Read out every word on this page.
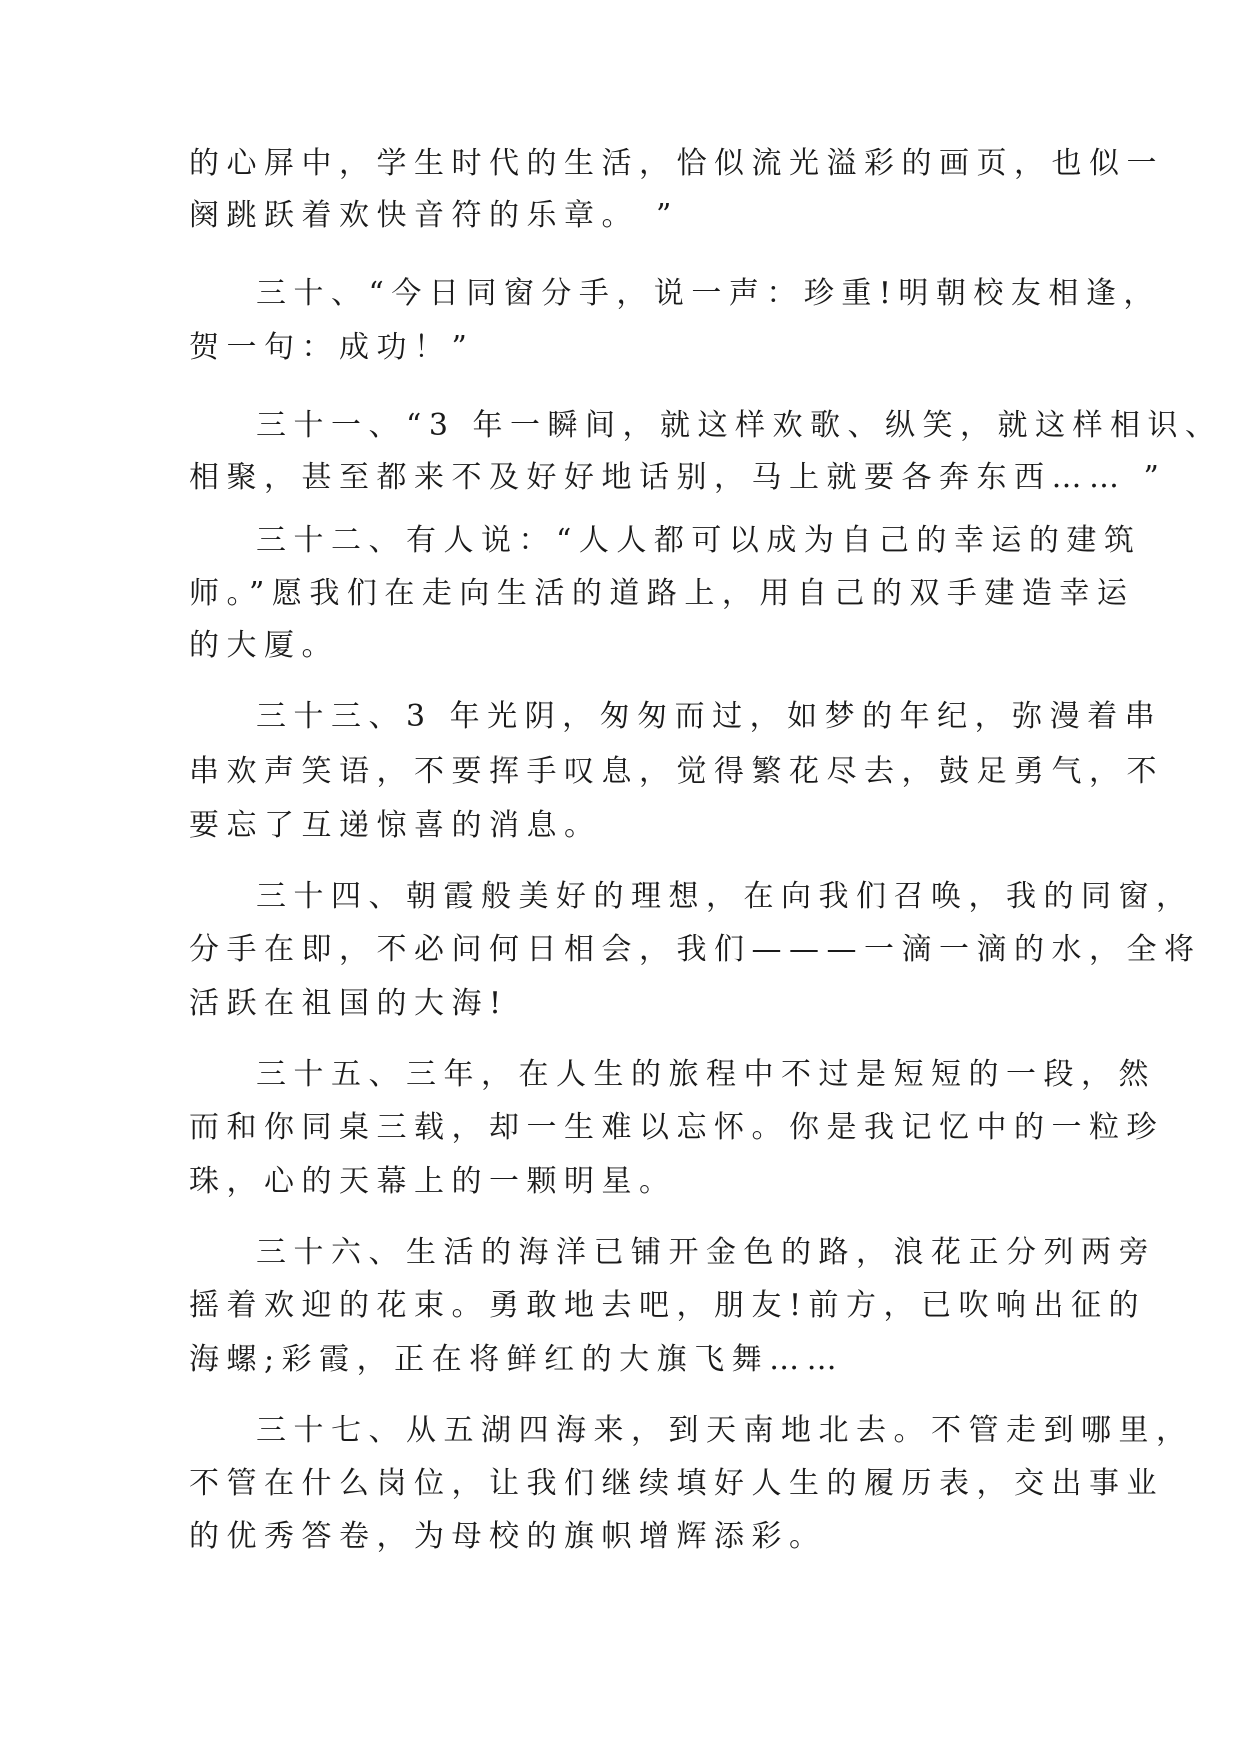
的心屏中，学生时代的生活，恰似流光溢彩的画页，也似一

阕跳跃着欢快音符的乐章。 ”

三十、“今日同窗分手，说一声：珍重!明朝校友相逢，

贺一句：成功！”

三十一、“3 年一瞬间，就这样欢歌、纵笑，就这样相识、

相聚，甚至都来不及好好地话别，马上就要各奔东西…… ”

三十二、有人说：“人人都可以成为自己的幸运的建筑

师。”愿我们在走向生活的道路上，用自己的双手建造幸运

的大厦。

三十三、3 年光阴，匆匆而过，如梦的年纪，弥漫着串

串欢声笑语，不要挥手叹息，觉得繁花尽去，鼓足勇气，不

要忘了互递惊喜的消息。

三十四、朝霞般美好的理想，在向我们召唤，我的同窗，

分手在即，不必问何日相会，我们———一滴一滴的水，全将

活跃在祖国的大海!

三十五、三年，在人生的旅程中不过是短短的一段，然

而和你同桌三载，却一生难以忘怀。你是我记忆中的一粒珍

珠，心的天幕上的一颗明星。

三十六、生活的海洋已铺开金色的路，浪花正分列两旁

摇着欢迎的花束。勇敢地去吧，朋友!前方，已吹响出征的

海螺;彩霞，正在将鲜红的大旗飞舞……

三十七、从五湖四海来，到天南地北去。不管走到哪里，

不管在什么岗位，让我们继续填好人生的履历表，交出事业

的优秀答卷，为母校的旗帜增辉添彩。
